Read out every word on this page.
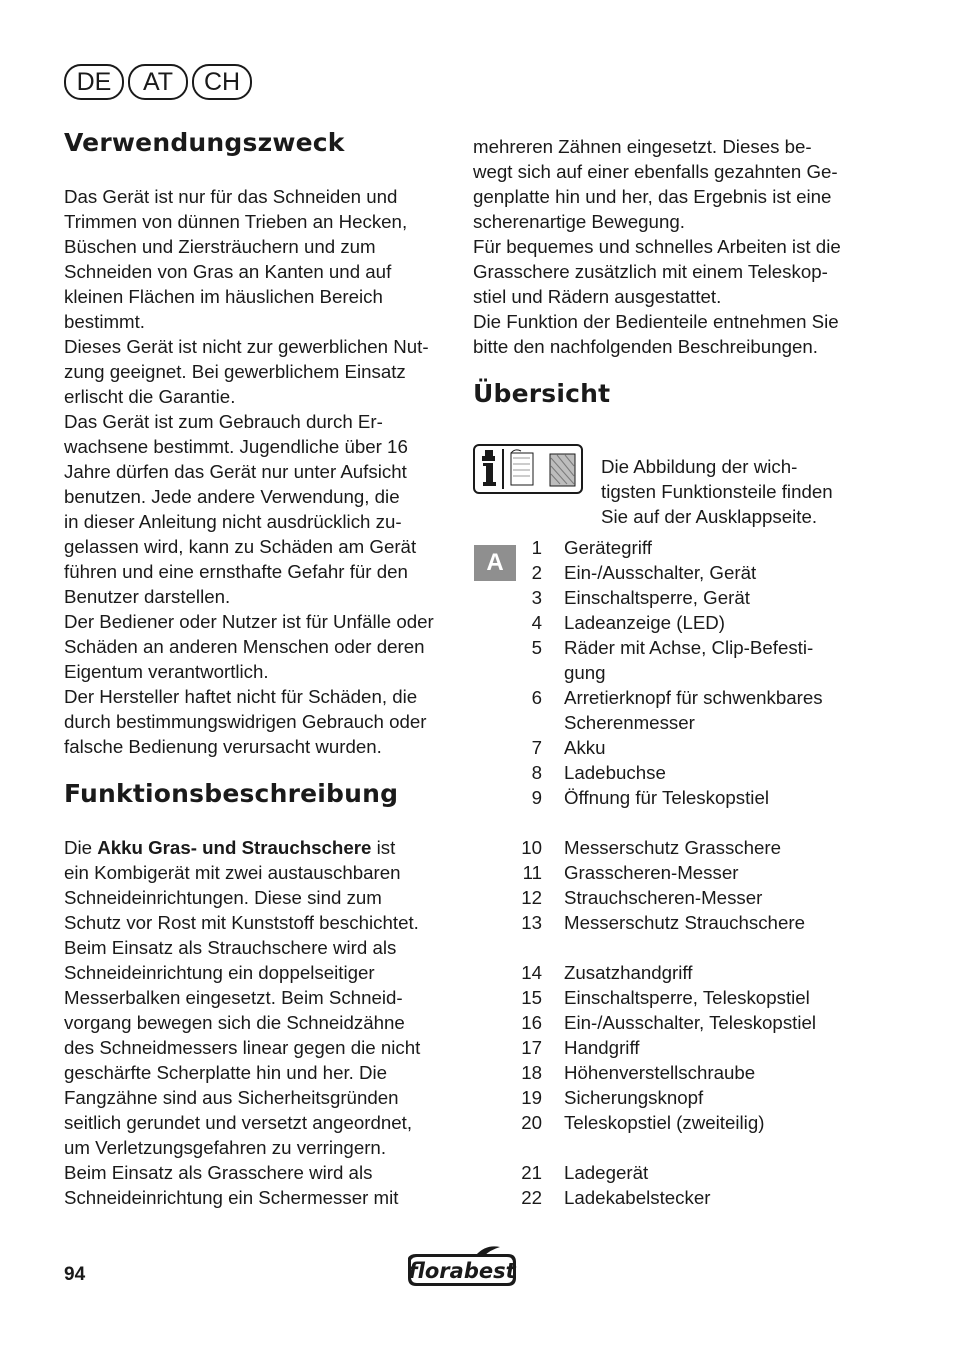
DE	AT	CH
Verwendungszweck

Das Gerät ist nur für das Schneiden und
Trimmen von dünnen Trieben an Hecken,
Büschen und Ziersträuchern und zum
Schneiden von Gras an Kanten und auf
kleinen Flächen im häuslichen Bereich
bestimmt.
Dieses Gerät ist nicht zur gewerblichen Nut-
zung geeignet. Bei gewerblichem Einsatz
erlischt die Garantie.
Das Gerät ist zum Gebrauch durch Er-
wachsene bestimmt. Jugendliche über 16
Jahre dürfen das Gerät nur unter Aufsicht
benutzen. Jede andere Verwendung, die
in dieser Anleitung nicht ausdrücklich zu-
gelassen wird, kann zu Schäden am Gerät
führen und eine ernsthafte Gefahr für den
Benutzer darstellen.
Der Bediener oder Nutzer ist für Unfälle oder
Schäden an anderen Menschen oder deren
Eigentum verantwortlich.
Der Hersteller haftet nicht für Schäden, die
durch bestimmungswidrigen Gebrauch oder
falsche Bedienung verursacht wurden.

Funktionsbeschreibung

Die Akku Gras- und Strauchschere ist
ein Kombigerät mit zwei austauschbaren
Schneideinrichtungen. Diese sind zum
Schutz vor Rost mit Kunststoff beschichtet.
Beim Einsatz als Strauchschere wird als
Schneideinrichtung ein doppelseitiger
Messerbalken eingesetzt. Beim Schneid-
vorgang bewegen sich die Schneidzähne
des Schneidmessers linear gegen die nicht
geschärfte Scherplatte hin und her. Die
Fangzähne sind aus Sicherheitsgründen
seitlich gerundet und versetzt angeordnet,
um Verletzungsgefahren zu verringern.
Beim Einsatz als Grasschere wird als
Schneideinrichtung ein Schermesser mit

mehreren Zähnen eingesetzt. Dieses be-
wegt sich auf einer ebenfalls gezahnten Ge-
genplatte hin und her, das Ergebnis ist eine
scherenartige Bewegung.
Für bequemes und schnelles Arbeiten ist die
Grasschere zusätzlich mit einem Teleskop-
stiel und Rädern ausgestattet.
Die Funktion der Bedienteile entnehmen Sie
bitte den nachfolgenden Beschreibungen.

Übersicht

Die Abbildung der wich-
tigsten Funktionsteile finden
Sie auf der Ausklappseite.

A
1 Gerätegriff
2 Ein-/Ausschalter, Gerät
3 Einschaltsperre, Gerät
4 Ladeanzeige (LED)
5 Räder mit Achse, Clip-Befesti-
gung
6 Arretierknopf für schwenkbares
Scherenmesser
7 Akku
8 Ladebuchse
9 Öffnung für Teleskopstiel
10 Messerschutz Grasschere
11 Grasscheren-Messer
12 Strauchscheren-Messer
13 Messerschutz Strauchschere
14 Zusatzhandgriff
15 Einschaltsperre, Teleskopstiel
16 Ein-/Ausschalter, Teleskopstiel
17 Handgriff
18 Höhenverstellschraube
19 Sicherungsknopf
20 Teleskopstiel (zweiteilig)
21 Ladegerät
22 Ladekabelstecker
94	florabest
